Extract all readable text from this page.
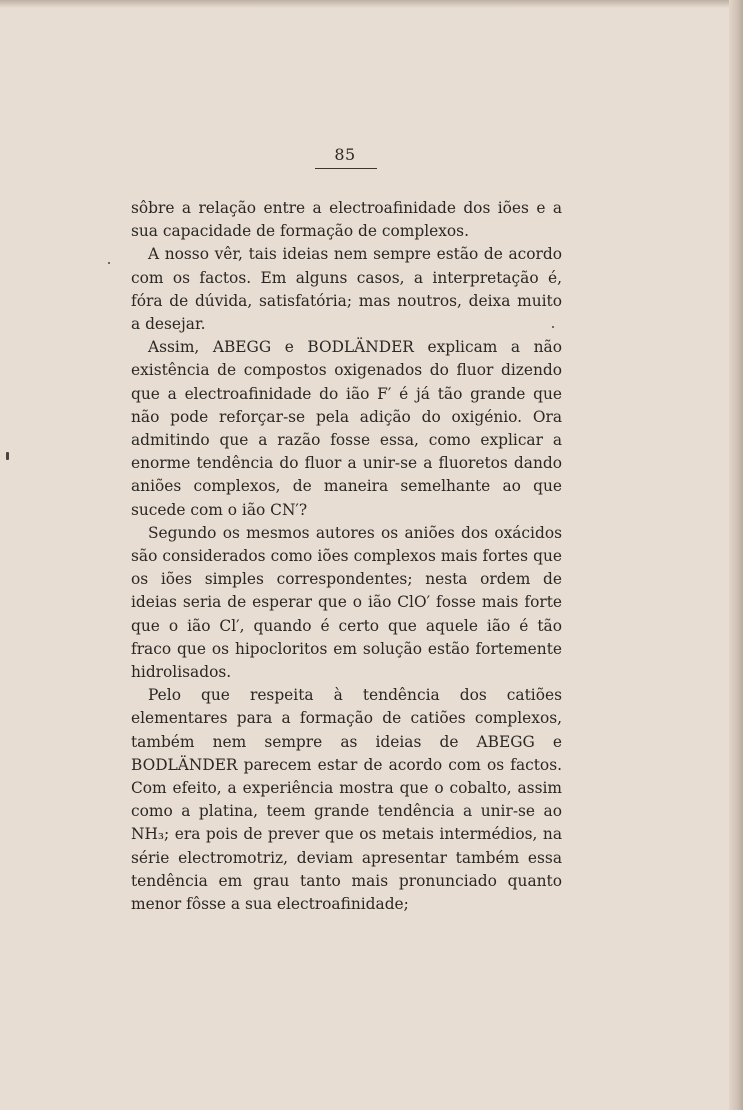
85

sôbre a relação entre a electroafinidade dos iões e a sua capacidade de formação de complexos.

A nosso vêr, tais ideias nem sempre estão de acordo com os factos. Em alguns casos, a interpretação é, fóra de dúvida, satisfatória; mas noutros, deixa muito a desejar.

Assim, ABEGG e BODLÄNDER explicam a não existência de compostos oxigenados do fluor dizendo que a electroafinidade do ião F′ é já tão grande que não pode reforçar-se pela adição do oxigénio. Ora admitindo que a razão fosse essa, como explicar a enorme tendência do fluor a unir-se a fluoretos dando aniões complexos, de maneira semelhante ao que sucede com o ião CN′?

Segundo os mesmos autores os aniões dos oxácidos são considerados como iões complexos mais fortes que os iões simples correspondentes; nesta ordem de ideias seria de esperar que o ião ClO′ fosse mais forte que o ião Cl′, quando é certo que aquele ião é tão fraco que os hipocloritos em solução estão fortemente hidrolisados.

Pelo que respeita à tendência dos catiões elementares para a formação de catiões complexos, também nem sempre as ideias de ABEGG e BODLÄNDER parecem estar de acordo com os factos. Com efeito, a experiência mostra que o cobalto, assim como a platina, teem grande tendência a unir-se ao NH₃; era pois de prever que os metais intermédios, na série electromotriz, deviam apresentar também essa tendência em grau tanto mais pronunciado quanto menor fôsse a sua electroafinidade;
